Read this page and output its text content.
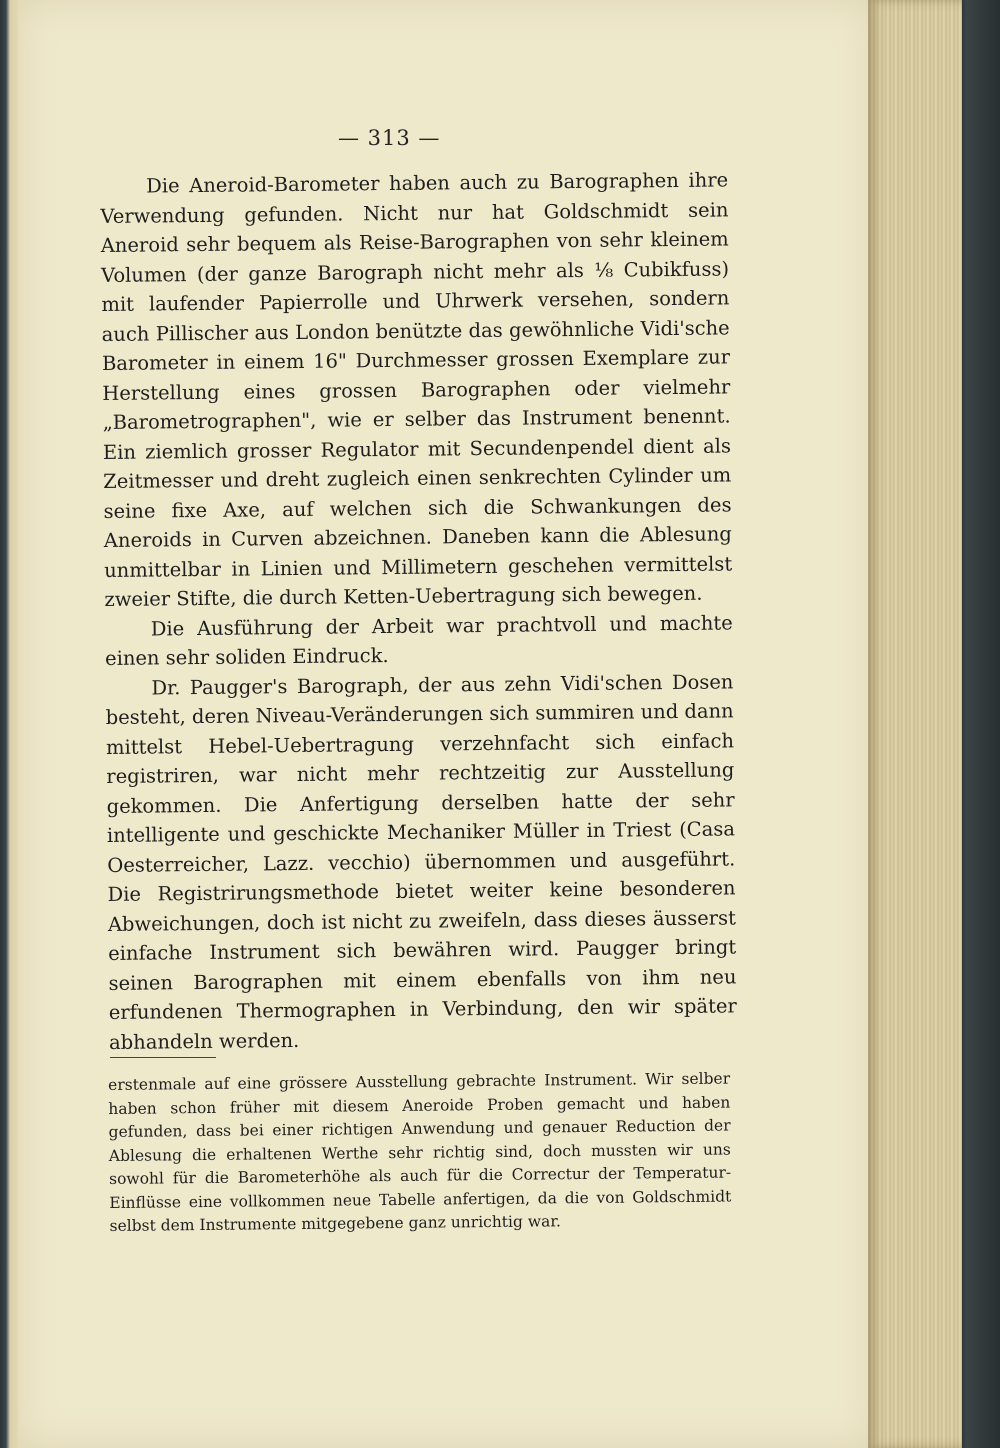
— 313 —

Die Aneroid-Barometer haben auch zu Barographen ihre Verwendung gefunden. Nicht nur hat Goldschmidt sein Aneroid sehr bequem als Reise-Barographen von sehr kleinem Volumen (der ganze Barograph nicht mehr als ⅛ Cubikfuss) mit laufender Papierrolle und Uhrwerk versehen, sondern auch Pillischer aus London benützte das gewöhnliche Vidi'sche Barometer in einem 16" Durchmesser grossen Exemplare zur Herstellung eines grossen Barographen oder vielmehr „Barometrographen", wie er selber das Instrument benennt. Ein ziemlich grosser Regulator mit Secundenpendel dient als Zeitmesser und dreht zugleich einen senkrechten Cylinder um seine fixe Axe, auf welchen sich die Schwankungen des Aneroids in Curven abzeichnen. Daneben kann die Ablesung unmittelbar in Linien und Millimetern geschehen vermittelst zweier Stifte, die durch Ketten-Uebertragung sich bewegen.

Die Ausführung der Arbeit war prachtvoll und machte einen sehr soliden Eindruck.

Dr. Paugger's Barograph, der aus zehn Vidi'schen Dosen besteht, deren Niveau-Veränderungen sich summiren und dann mittelst Hebel-Uebertragung verzehnfacht sich einfach registriren, war nicht mehr rechtzeitig zur Ausstellung gekommen. Die Anfertigung derselben hatte der sehr intelligente und geschickte Mechaniker Müller in Triest (Casa Oesterreicher, Lazz. vecchio) übernommen und ausgeführt. Die Registrirungsmethode bietet weiter keine besonderen Abweichungen, doch ist nicht zu zweifeln, dass dieses äusserst einfache Instrument sich bewähren wird. Paugger bringt seinen Barographen mit einem ebenfalls von ihm neu erfundenen Thermographen in Verbindung, den wir später abhandeln werden.

erstenmale auf eine grössere Ausstellung gebrachte Instrument. Wir selber haben schon früher mit diesem Aneroide Proben gemacht und haben gefunden, dass bei einer richtigen Anwendung und genauer Reduction der Ablesung die erhaltenen Werthe sehr richtig sind, doch mussten wir uns sowohl für die Barometerhöhe als auch für die Correctur der Temperatur-Einflüsse eine vollkommen neue Tabelle anfertigen, da die von Goldschmidt selbst dem Instrumente mitgegebene ganz unrichtig war.
